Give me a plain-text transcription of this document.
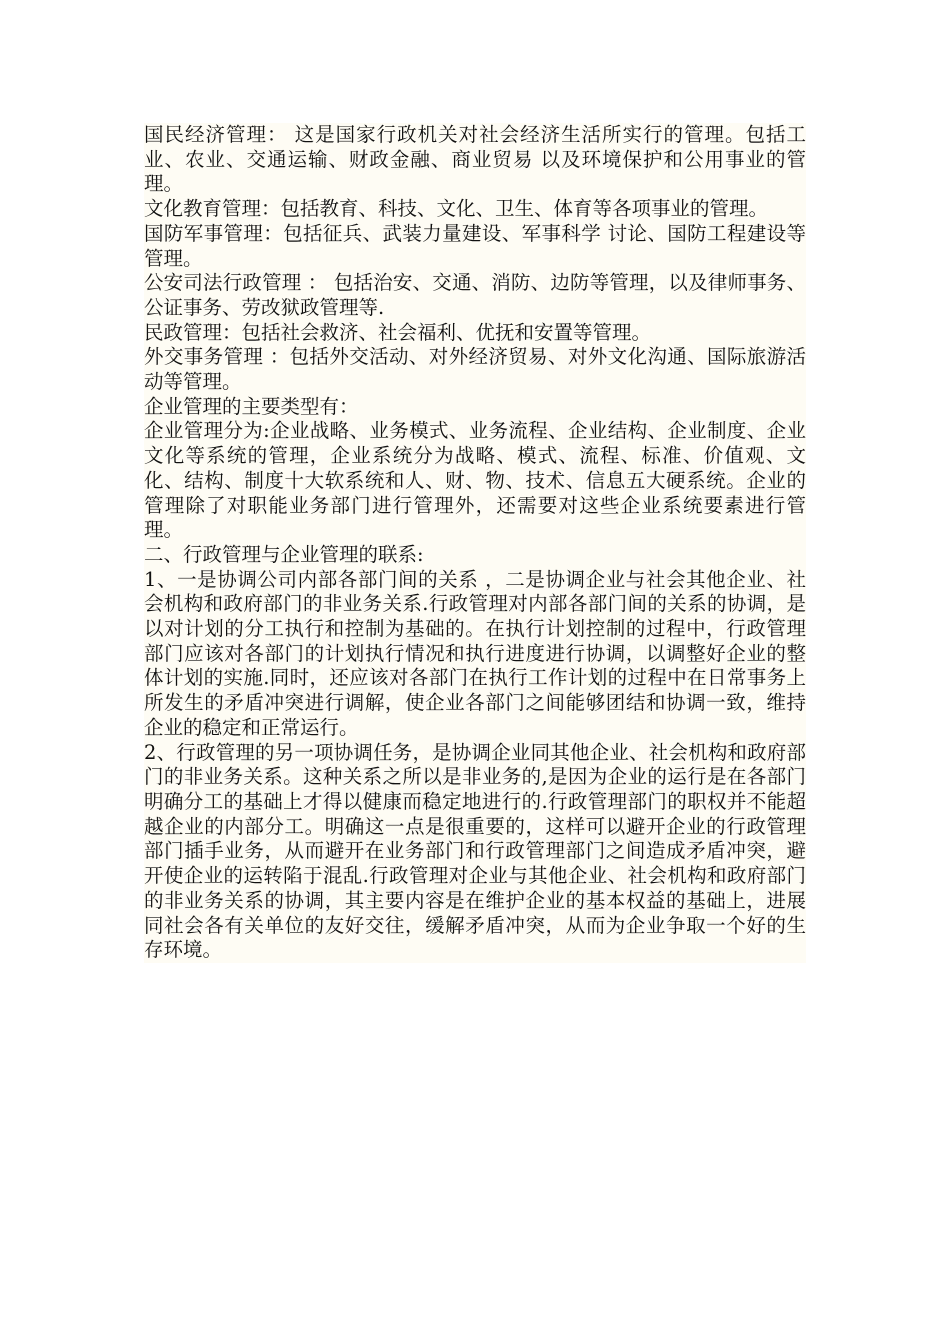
国民经济管理： 这是国家行政机关对社会经济生活所实行的管理。包括工业、农业、交通运输、财政金融、商业贸易 以及环境保护和公用事业的管理。

文化教育管理：包括教育、科技、文化、卫生、体育等各项事业的管理。

国防军事管理：包括征兵、武装力量建设、军事科学 讨论、国防工程建设等管理。

公安司法行政管理 ： 包括治安、交通、消防、边防等管理，以及律师事务、公证事务、劳改狱政管理等.

民政管理：包括社会救济、社会福利、优抚和安置等管理。

外交事务管理 ：包括外交活动、对外经济贸易、对外文化沟通、国际旅游活动等管理。

企业管理的主要类型有：

企业管理分为:企业战略、业务模式、业务流程、企业结构、企业制度、企业文化等系统的管理，企业系统分为战略、模式、流程、标准、价值观、文化、结构、制度十大软系统和人、财、物、技术、信息五大硬系统。企业的管理除了对职能业务部门进行管理外，还需要对这些企业系统要素进行管理。

二、行政管理与企业管理的联系:

1、一是协调公司内部各部门间的关系 ，二是协调企业与社会其他企业、社会机构和政府部门的非业务关系.行政管理对内部各部门间的关系的协调，是以对计划的分工执行和控制为基础的。在执行计划控制的过程中，行政管理部门应该对各部门的计划执行情况和执行进度进行协调，以调整好企业的整体计划的实施.同时，还应该对各部门在执行工作计划的过程中在日常事务上所发生的矛盾冲突进行调解，使企业各部门之间能够团结和协调一致，维持企业的稳定和正常运行。

2、行政管理的另一项协调任务，是协调企业同其他企业、社会机构和政府部门的非业务关系。这种关系之所以是非业务的,是因为企业的运行是在各部门明确分工的基础上才得以健康而稳定地进行的.行政管理部门的职权并不能超越企业的内部分工。明确这一点是很重要的，这样可以避开企业的行政管理部门插手业务，从而避开在业务部门和行政管理部门之间造成矛盾冲突，避开使企业的运转陷于混乱.行政管理对企业与其他企业、社会机构和政府部门的非业务关系的协调，其主要内容是在维护企业的基本权益的基础上，进展同社会各有关单位的友好交往，缓解矛盾冲突，从而为企业争取一个好的生存环境。
